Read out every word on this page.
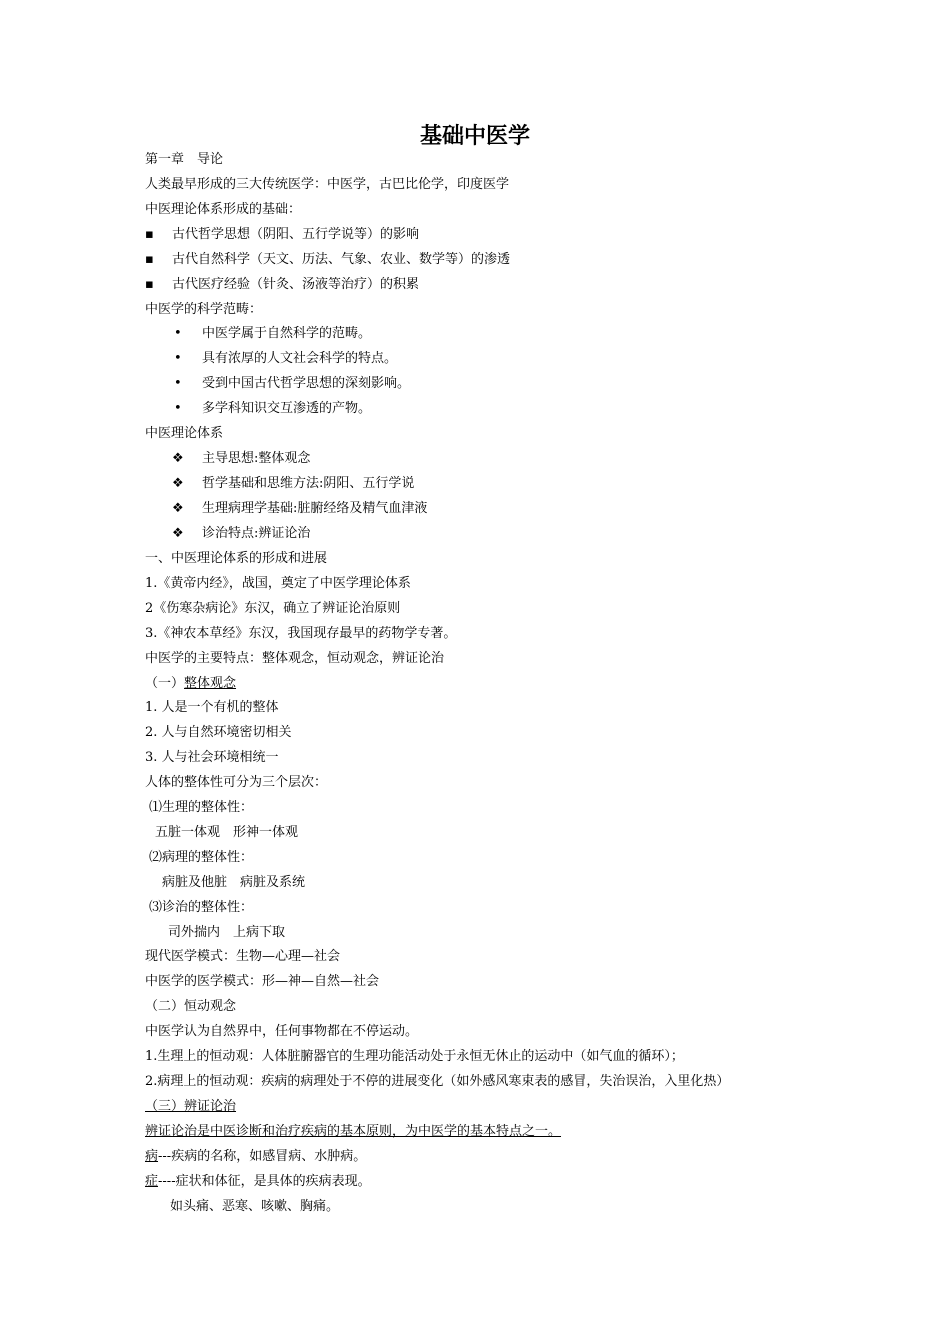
基础中医学
第一章　导论
人类最早形成的三大传统医学：中医学，古巴比伦学，印度医学
中医理论体系形成的基础：
▪ 古代哲学思想（阴阳、五行学说等）的影响
▪ 古代自然科学（天文、历法、气象、农业、数学等）的渗透
▪ 古代医疗经验（针灸、汤液等治疗）的积累
中医学的科学范畴：
• 中医学属于自然科学的范畴。
• 具有浓厚的人文社会科学的特点。
• 受到中国古代哲学思想的深刻影响。
• 多学科知识交互渗透的产物。
中医理论体系
❖ 主导思想:整体观念
❖ 哲学基础和思维方法:阴阳、五行学说
❖ 生理病理学基础:脏腑经络及精气血津液
❖ 诊治特点:辨证论治
一、中医理论体系的形成和进展
1.《黄帝内经》，战国，奠定了中医学理论体系
2《伤寒杂病论》东汉，确立了辨证论治原则
3.《神农本草经》东汉，我国现存最早的药物学专著。
中医学的主要特点：整体观念，恒动观念，辨证论治
（一）整体观念
1. 人是一个有机的整体
2. 人与自然环境密切相关
3. 人与社会环境相统一
人体的整体性可分为三个层次：
⑴生理的整体性：
五脏一体观　形神一体观
⑵病理的整体性：
病脏及他脏　病脏及系统
⑶诊治的整体性：
司外揣内　上病下取
现代医学模式：生物—心理—社会
中医学的医学模式：形—神—自然—社会
（二）恒动观念
中医学认为自然界中，任何事物都在不停运动。
1.生理上的恒动观：人体脏腑器官的生理功能活动处于永恒无休止的运动中（如气血的循环）；
2.病理上的恒动观：疾病的病理处于不停的进展变化（如外感风寒束表的感冒，失治误治，入里化热）
（三）辨证论治
辨证论治是中医诊断和治疗疾病的基本原则，为中医学的基本特点之一。
病---疾病的名称，如感冒病、水肿病。
症----症状和体征，是具体的疾病表现。
如头痛、恶寒、咳嗽、胸痛。
